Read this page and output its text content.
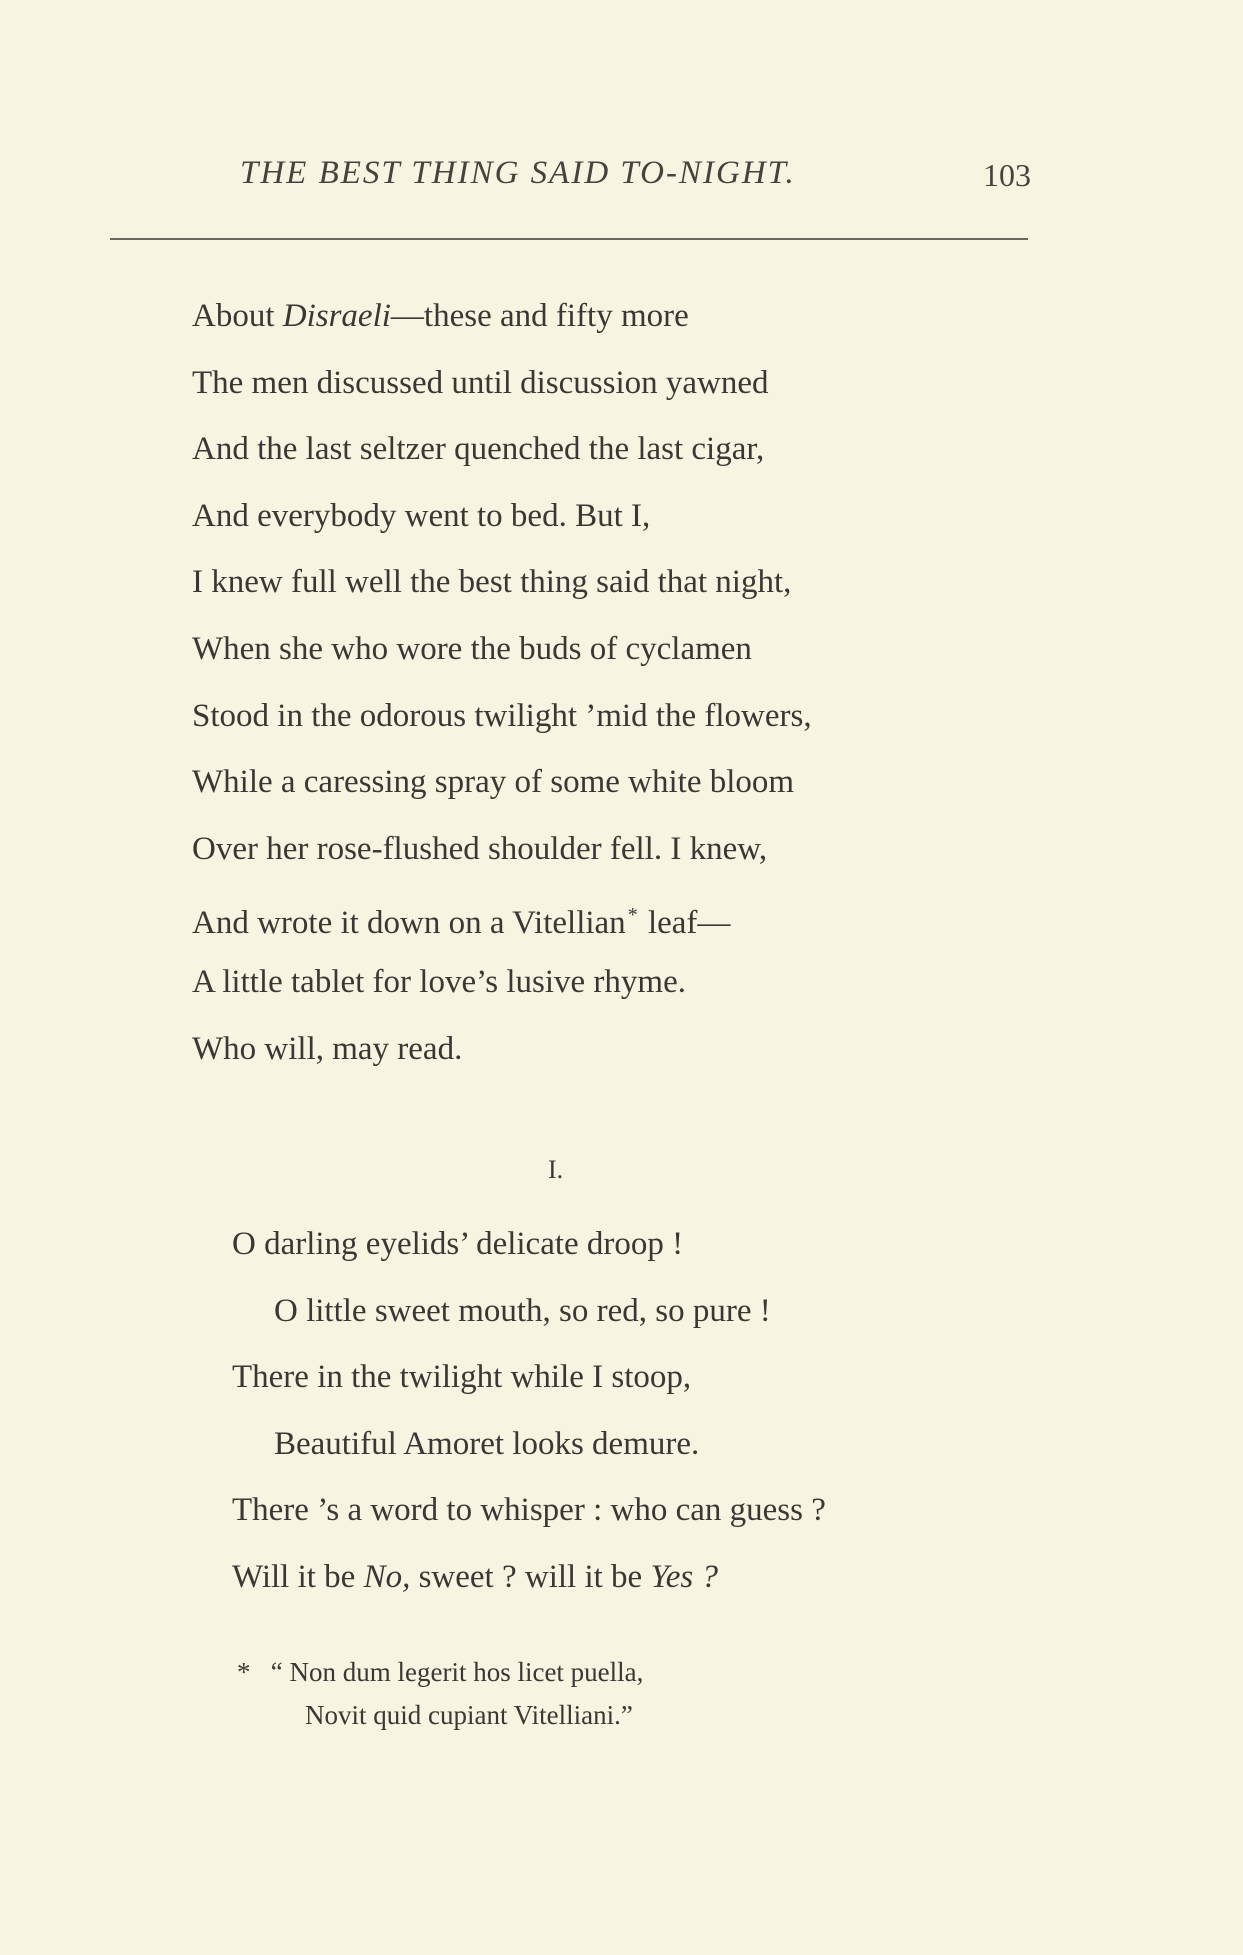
THE BEST THING SAID TO-NIGHT.	103
About Disraeli—these and fifty more
The men discussed until discussion yawned
And the last seltzer quenched the last cigar,
And everybody went to bed. But I,
I knew full well the best thing said that night,
When she who wore the buds of cyclamen
Stood in the odorous twilight ’mid the flowers,
While a caressing spray of some white bloom
Over her rose-flushed shoulder fell. I knew,
And wrote it down on a Vitellian * leaf—
A little tablet for love’s lusive rhyme.
Who will, may read.
I.
O darling eyelids’ delicate droop !
O little sweet mouth, so red, so pure !
There in the twilight while I stoop,
Beautiful Amoret looks demure.
There ’s a word to whisper : who can guess ?
Will it be No, sweet ? will it be Yes ?
* “ Non dum legerit hos licet puella,
Novit quid cupiant Vitelliani.”
